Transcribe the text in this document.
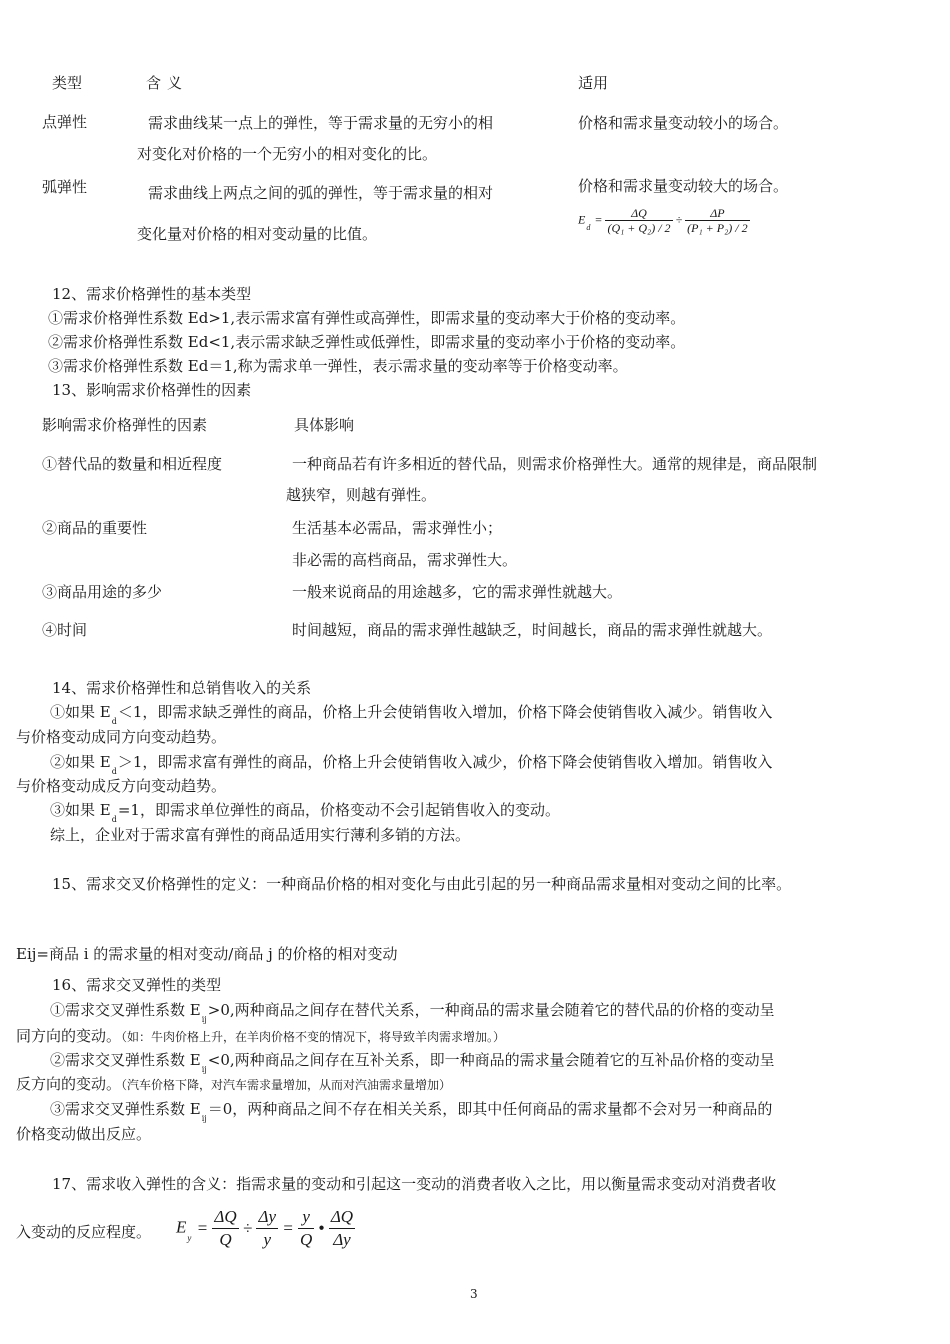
类型	含义	适用
点弹性	需求曲线某一点上的弹性，等于需求量的无穷小的相
对变化对价格的一个无穷小的相对变化的比。
价格和需求量变动较小的场合。
弧弹性	需求曲线上两点之间的弧的弹性，等于需求量的相对
变化量对价格的相对变动量的比值。
价格和需求量变动较大的场合。
$E_d = \frac{\Delta Q}{\text{(Q₁ + Q₂) / 2}} \div \frac{\Delta P}{\text{(P₁ + P₂) / 2}}$
12、需求价格弹性的基本类型
①需求价格弹性系数 Ed>1,表示需求富有弹性或高弹性，即需求量的变动率大于价格的变动率。
②需求价格弹性系数 Ed<1,表示需求缺乏弹性或低弹性，即需求量的变动率小于价格的变动率。
③需求价格弹性系数 Ed＝1,称为需求单一弹性，表示需求量的变动率等于价格变动率。
13、影响需求价格弹性的因素
影响需求价格弹性的因素	具体影响
①替代品的数量和相近程度	一种商品若有许多相近的替代品，则需求价格弹性大。通常的规律是，商品限制
越狭窄，则越有弹性。
②商品的重要性	生活基本必需品，需求弹性小；
非必需的高档商品，需求弹性大。
③商品用途的多少	一般来说商品的用途越多，它的需求弹性就越大。
④时间	时间越短，商品的需求弹性越缺乏，时间越长，商品的需求弹性就越大。
14、需求价格弹性和总销售收入的关系
①如果 $E_d<1$，即需求缺乏弹性的商品，价格上升会使销售收入增加，价格下降会使销售收入减少。销售收入
与价格变动成同方向变动趋势。
②如果 $E_d>1$，即需求富有弹性的商品，价格上升会使销售收入减少，价格下降会使销售收入增加。销售收入
与价格变动成反方向变动趋势。
③如果 $E_d=1$，即需求单位弹性的商品，价格变动不会引起销售收入的变动。
综上，企业对于需求富有弹性的商品适用实行薄利多销的方法。
15、需求交叉价格弹性的定义：一种商品价格的相对变化与由此引起的另一种商品需求量相对变动之间的比率。
Eij=商品 i 的需求量的相对变动/商品 j 的价格的相对变动
16、需求交叉弹性的类型
①需求交叉弹性系数 $E_{ij}>0$,两种商品之间存在替代关系，一种商品的需求量会随着它的替代品的价格的变动呈
同方向的变动。（如：牛肉价格上升，在羊肉价格不变的情况下，将导致羊肉需求增加。）
②需求交叉弹性系数 $E_{ij}<0$,两种商品之间存在互补关系，即一种商品的需求量会随着它的互补品价格的变动呈
反方向的变动。（汽车价格下降，对汽车需求量增加，从而对汽油需求量增加）
③需求交叉弹性系数 $E_{ij}=0$，两种商品之间不存在相关关系，即其中任何商品的需求量都不会对另一种商品的
价格变动做出反应。
17、需求收入弹性的含义：指需求量的变动和引起这一变动的消费者收入之比，用以衡量需求变动对消费者收
入变动的反应程度。 $E_y = \frac{\Delta Q}{Q} \div \frac{\Delta y}{y} = \frac{y}{Q}$ ● $\frac{\Delta Q}{\Delta y}$
3
